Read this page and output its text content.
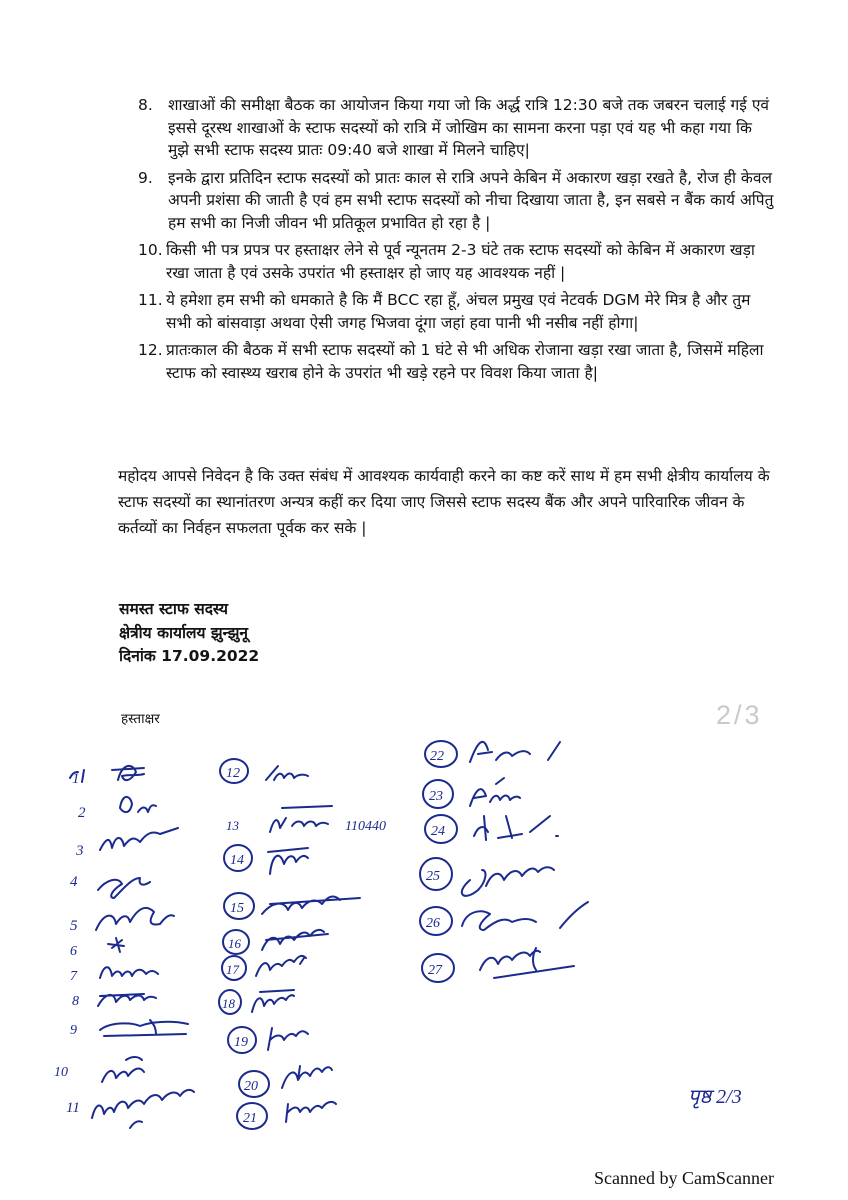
8. शाखाओं की समीक्षा बैठक का आयोजन किया गया जो कि अर्द्ध रात्रि 12:30 बजे तक जबरन चलाई गई एवं इससे दूरस्थ शाखाओं के स्टाफ सदस्यों को रात्रि में जोखिम का सामना करना पड़ा एवं यह भी कहा गया कि मुझे सभी स्टाफ सदस्य प्रातः 09:40 बजे शाखा में मिलने चाहिए|
9. इनके द्वारा प्रतिदिन स्टाफ सदस्यों को प्रातः काल से रात्रि अपने केबिन में अकारण खड़ा रखते है, रोज ही केवल अपनी प्रशंसा की जाती है एवं हम सभी स्टाफ सदस्यों को नीचा दिखाया जाता है, इन सबसे न बैंक कार्य अपितु हम सभी का निजी जीवन भी प्रतिकूल प्रभावित हो रहा है |
10. किसी भी पत्र प्रपत्र पर हस्ताक्षर लेने से पूर्व न्यूनतम 2-3 घंटे तक स्टाफ सदस्यों को केबिन में अकारण खड़ा रखा जाता है एवं उसके उपरांत भी हस्ताक्षर हो जाए यह आवश्यक नहीं |
11. ये हमेशा हम सभी को धमकाते है कि मैं BCC रहा हूँ, अंचल प्रमुख एवं नेटवर्क DGM मेरे मित्र है और तुम सभी को बांसवाड़ा अथवा ऐसी जगह भिजवा दूंगा जहां हवा पानी भी नसीब नहीं होगा|
12. प्रातःकाल की बैठक में सभी स्टाफ सदस्यों को 1 घंटे से भी अधिक रोजाना खड़ा रखा जाता है, जिसमें महिला स्टाफ को स्वास्थ्य खराब होने के उपरांत भी खड़े रहने पर विवश किया जाता है|
महोदय आपसे निवेदन है कि उक्त संबंध में आवश्यक कार्यवाही करने का कष्ट करें साथ में हम सभी क्षेत्रीय कार्यालय के स्टाफ सदस्यों का स्थानांतरण अन्यत्र कहीं कर दिया जाए जिससे स्टाफ सदस्य बैंक और अपने पारिवारिक जीवन के कर्तव्यों का निर्वहन सफलता पूर्वक कर सके |
समस्त स्टाफ सदस्य
क्षेत्रीय कार्यालय झुन्झुनू
दिनांक 17.09.2022
हस्ताक्षर	2/3
1
2
3
4
5
6
7
8
9
10
11
12
13	110440
14
15
16
17
18
19
20
21
22
23
24
25
26
27
पृष्ठ 2/3
Scanned by CamScanner
